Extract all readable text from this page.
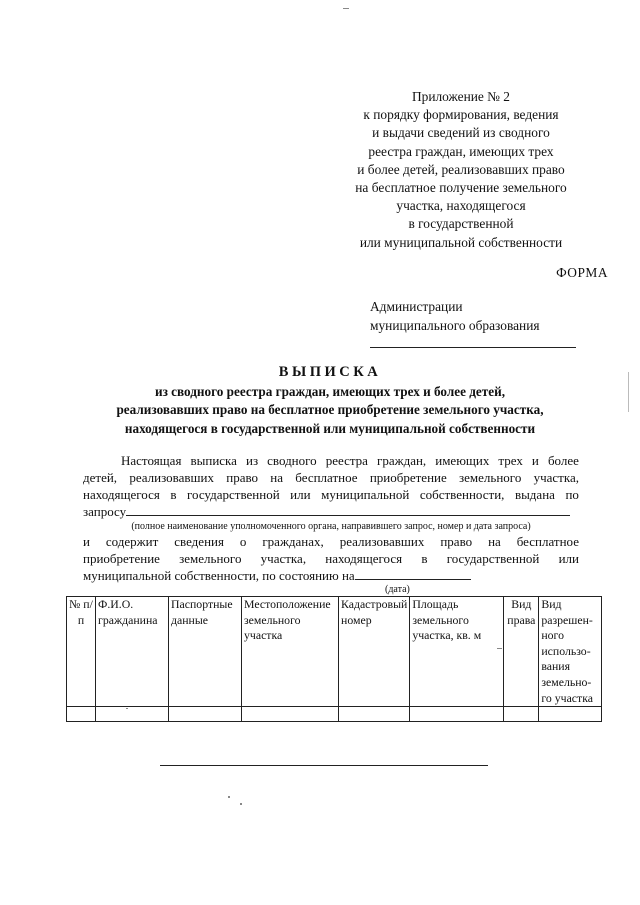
Приложение № 2
к порядку формирования, ведения
и выдачи сведений из сводного
реестра граждан, имеющих трех
и более детей, реализовавших право
на бесплатное получение земельного
участка, находящегося
в государственной
или муниципальной собственности
ФОРМА
Администрации
муниципального образования
ВЫПИСКА
из сводного реестра граждан, имеющих трех и более детей,
реализовавших право на бесплатное приобретение земельного участка,
находящегося в государственной или муниципальной собственности
Настоящая выписка из сводного реестра граждан, имеющих трех и более
детей, реализовавших право на бесплатное приобретение земельного участка,
находящегося в государственной или муниципальной собственности, выдана по
запросу
(полное наименование уполномоченного органа, направившего запрос, номер и дата запроса)
и содержит сведения о гражданах, реализовавших право на бесплатное
приобретение земельного участка, находящегося в государственной или
муниципальной собственности, по состоянию на
(дата)
№ п/п	Ф.И.О. гражданина	Паспортные данные	Местоположение земельного участка	Кадастровый номер	Площадь земельного участка, кв. м	Вид права	Вид разрешен-ного использо-вания земельно-го участка
